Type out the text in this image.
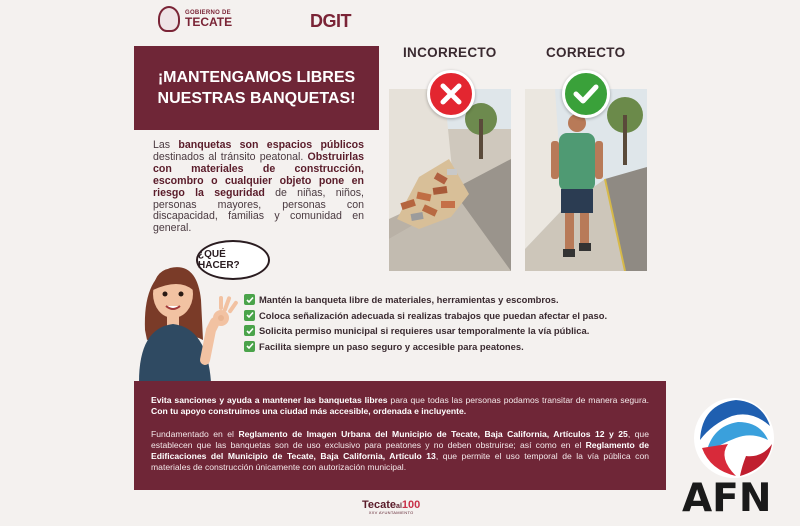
GOBIERNO DE
TECATE	DGIT
¡MANTENGAMOS LIBRES
NUESTRAS BANQUETAS!
Las banquetas son espacios públicos destinados al tránsito peatonal. Obstruirlas con materiales de construcción, escombro o cualquier objeto pone en riesgo la seguridad de niñas, niños, personas mayores, personas con discapacidad, familias y comunidad en general.
INCORRECTO	CORRECTO
¿QUÉ HACER?
Mantén la banqueta libre de materiales, herramientas y escombros.
Coloca señalización adecuada si realizas trabajos que puedan afectar el paso.
Solicita permiso municipal si requieres usar temporalmente la vía pública.
Facilita siempre un paso seguro y accesible para peatones.

Evita sanciones y ayuda a mantener las banquetas libres para que todas las personas podamos transitar de manera segura. Con tu apoyo construimos una ciudad más accesible, ordenada e incluyente.

Fundamentado en el Reglamento de Imagen Urbana del Municipio de Tecate, Baja California, Artículos 12 y 25, que establecen que las banquetas son de uso exclusivo para peatones y no deben obstruirse; así como en el Reglamento de Edificaciones del Municipio de Tecate, Baja California, Artículo 13, que permite el uso temporal de la vía pública con materiales de construcción únicamente con autorización municipal.

Tecateal100
XXV AYUNTAMIENTO	AFN
